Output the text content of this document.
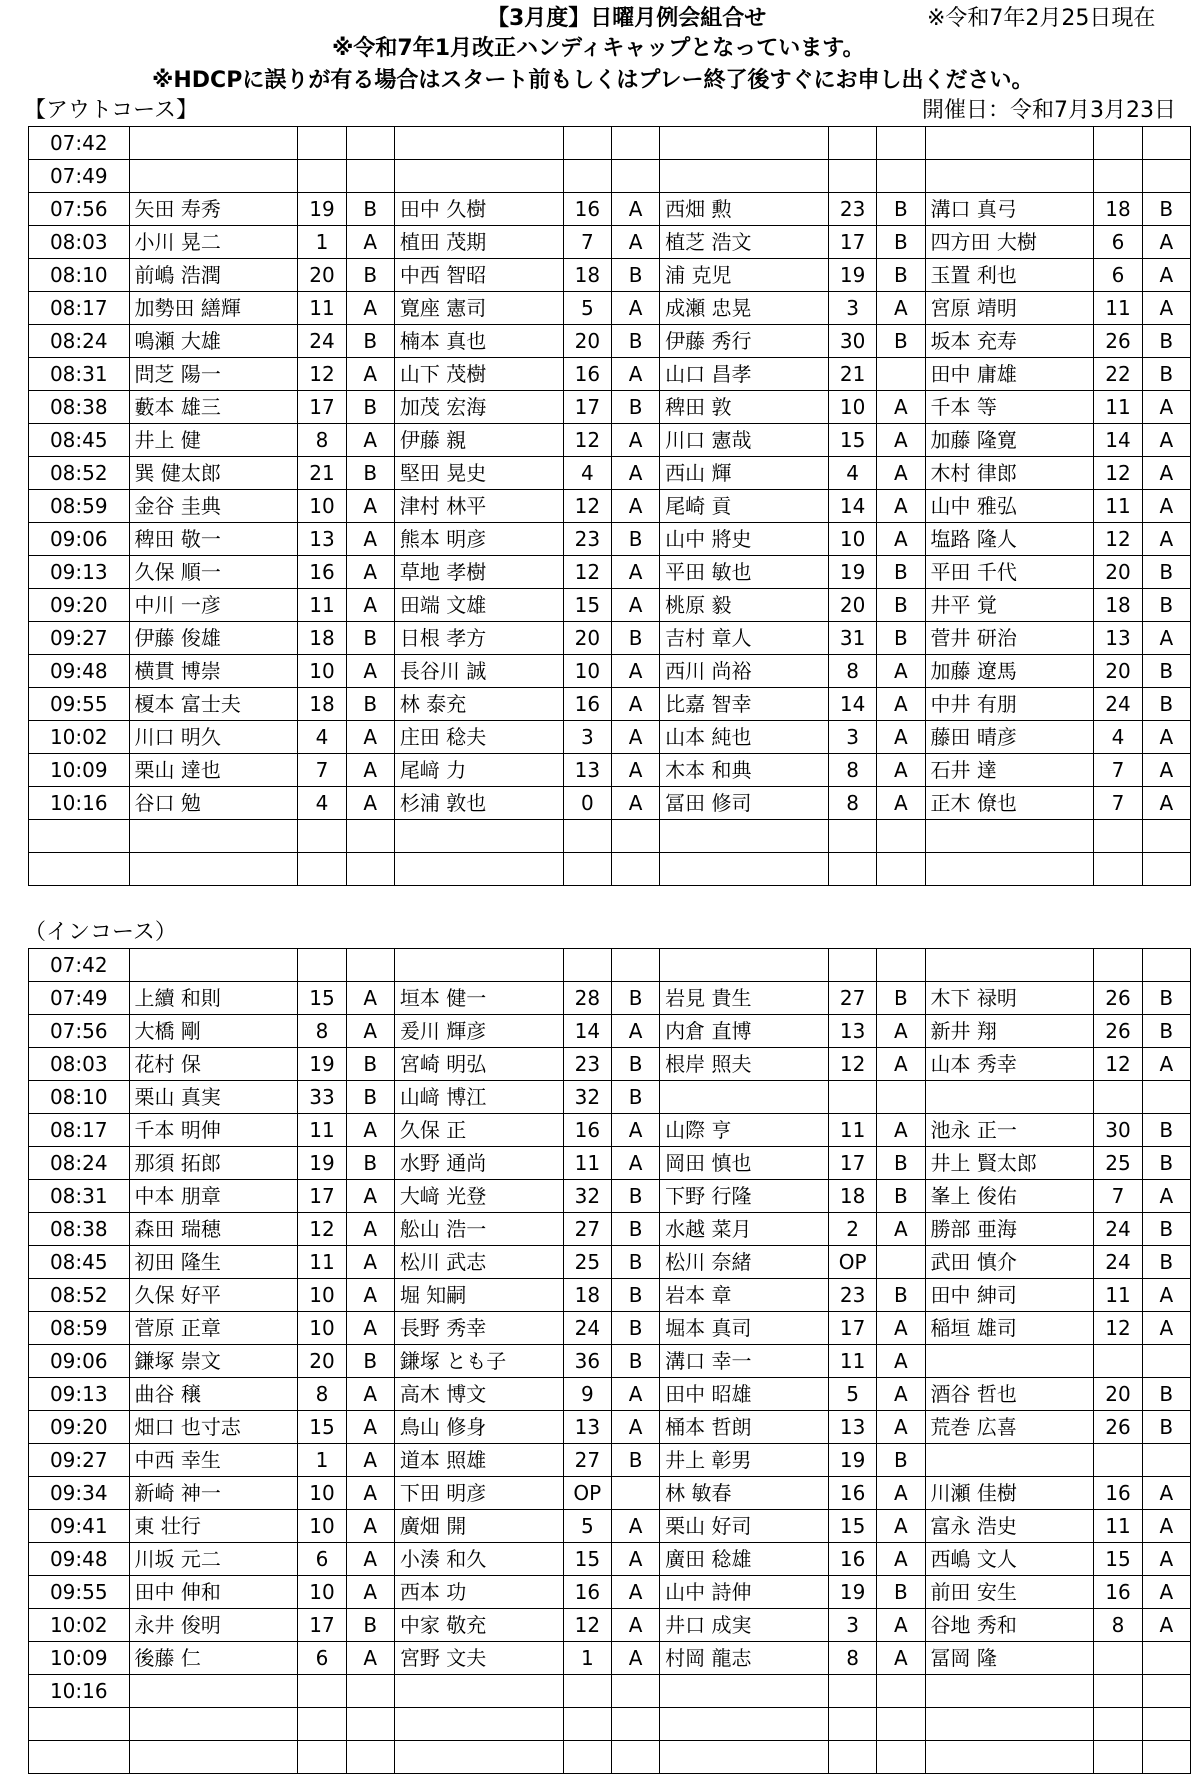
【3月度】日曜月例会組合せ	※令和7年2月25日現在
※令和7年1月改正ハンディキャップとなっています。
※HDCPに誤りが有る場合はスタート前もしくはプレー終了後すぐにお申し出ください。
【アウトコース】	開催日：令和7月3月23日
07:42												
07:49												
07:56	矢田 寿秀	19	B	田中 久樹	16	A	西畑 勲	23	B	溝口 真弓	18	B
08:03	小川 晃二	1	A	植田 茂期	7	A	植芝 浩文	17	B	四方田 大樹	6	A
08:10	前嶋 浩潤	20	B	中西 智昭	18	B	浦 克児	19	B	玉置 利也	6	A
08:17	加勢田 繕輝	11	A	寛座 憲司	5	A	成瀬 忠晃	3	A	宮原 靖明	11	A
08:24	鳴瀬 大雄	24	B	楠本 真也	20	B	伊藤 秀行	30	B	坂本 充寿	26	B
08:31	問芝 陽一	12	A	山下 茂樹	16	A	山口 昌孝	21		田中 庸雄	22	B
08:38	藪本 雄三	17	B	加茂 宏海	17	B	稗田 敦	10	A	千本 等	11	A
08:45	井上 健	8	A	伊藤 親	12	A	川口 憲哉	15	A	加藤 隆寛	14	A
08:52	巽 健太郎	21	B	堅田 晃史	4	A	西山 輝	4	A	木村 律郎	12	A
08:59	金谷 圭典	10	A	津村 林平	12	A	尾崎 貢	14	A	山中 雅弘	11	A
09:06	稗田 敬一	13	A	熊本 明彦	23	B	山中 將史	10	A	塩路 隆人	12	A
09:13	久保 順一	16	A	草地 孝樹	12	A	平田 敏也	19	B	平田 千代	20	B
09:20	中川 一彦	11	A	田端 文雄	15	A	桃原 毅	20	B	井平 覚	18	B
09:27	伊藤 俊雄	18	B	日根 孝方	20	B	吉村 章人	31	B	菅井 研治	13	A
09:48	横貫 博崇	10	A	長谷川 誠	10	A	西川 尚裕	8	A	加藤 遼馬	20	B
09:55	榎本 富士夫	18	B	林 泰充	16	A	比嘉 智幸	14	A	中井 有朋	24	B
10:02	川口 明久	4	A	庄田 稔夫	3	A	山本 純也	3	A	藤田 晴彦	4	A
10:09	栗山 達也	7	A	尾﨑 力	13	A	木本 和典	8	A	石井 達	7	A
10:16	谷口 勉	4	A	杉浦 敦也	0	A	冨田 修司	8	A	正木 僚也	7	A

（インコース）
07:42												
07:49	上續 和則	15	A	垣本 健一	28	B	岩見 貴生	27	B	木下 禄明	26	B
07:56	大橋 剛	8	A	爰川 輝彦	14	A	内倉 直博	13	A	新井 翔	26	B
08:03	花村 保	19	B	宮崎 明弘	23	B	根岸 照夫	12	A	山本 秀幸	12	A
08:10	栗山 真実	33	B	山﨑 博江	32	B						
08:17	千本 明伸	11	A	久保 正	16	A	山際 亨	11	A	池永 正一	30	B
08:24	那須 拓郎	19	B	水野 通尚	11	A	岡田 慎也	17	B	井上 賢太郎	25	B
08:31	中本 朋章	17	A	大﨑 光登	32	B	下野 行隆	18	B	峯上 俊佑	7	A
08:38	森田 瑞穂	12	A	舩山 浩一	27	B	水越 菜月	2	A	勝部 亜海	24	B
08:45	初田 隆生	11	A	松川 武志	25	B	松川 奈緒	OP		武田 慎介	24	B
08:52	久保 好平	10	A	堀 知嗣	18	B	岩本 章	23	B	田中 紳司	11	A
08:59	菅原 正章	10	A	長野 秀幸	24	B	堀本 真司	17	A	稲垣 雄司	12	A
09:06	鎌塚 崇文	20	B	鎌塚 とも子	36	B	溝口 幸一	11	A			
09:13	曲谷 穣	8	A	高木 博文	9	A	田中 昭雄	5	A	酒谷 哲也	20	B
09:20	畑口 也寸志	15	A	鳥山 修身	13	A	桶本 哲朗	13	A	荒巻 広喜	26	B
09:27	中西 幸生	1	A	道本 照雄	27	B	井上 彰男	19	B			
09:34	新崎 神一	10	A	下田 明彦	OP		林 敏春	16	A	川瀬 佳樹	16	A
09:41	東 壮行	10	A	廣畑 開	5	A	栗山 好司	15	A	富永 浩史	11	A
09:48	川坂 元二	6	A	小湊 和久	15	A	廣田 稔雄	16	A	西嶋 文人	15	A
09:55	田中 伸和	10	A	西本 功	16	A	山中 詩伸	19	B	前田 安生	16	A
10:02	永井 俊明	17	B	中家 敬充	12	A	井口 成実	3	A	谷地 秀和	8	A
10:09	後藤 仁	6	A	宮野 文夫	1	A	村岡 龍志	8	A	冨岡 隆		
10:16												
